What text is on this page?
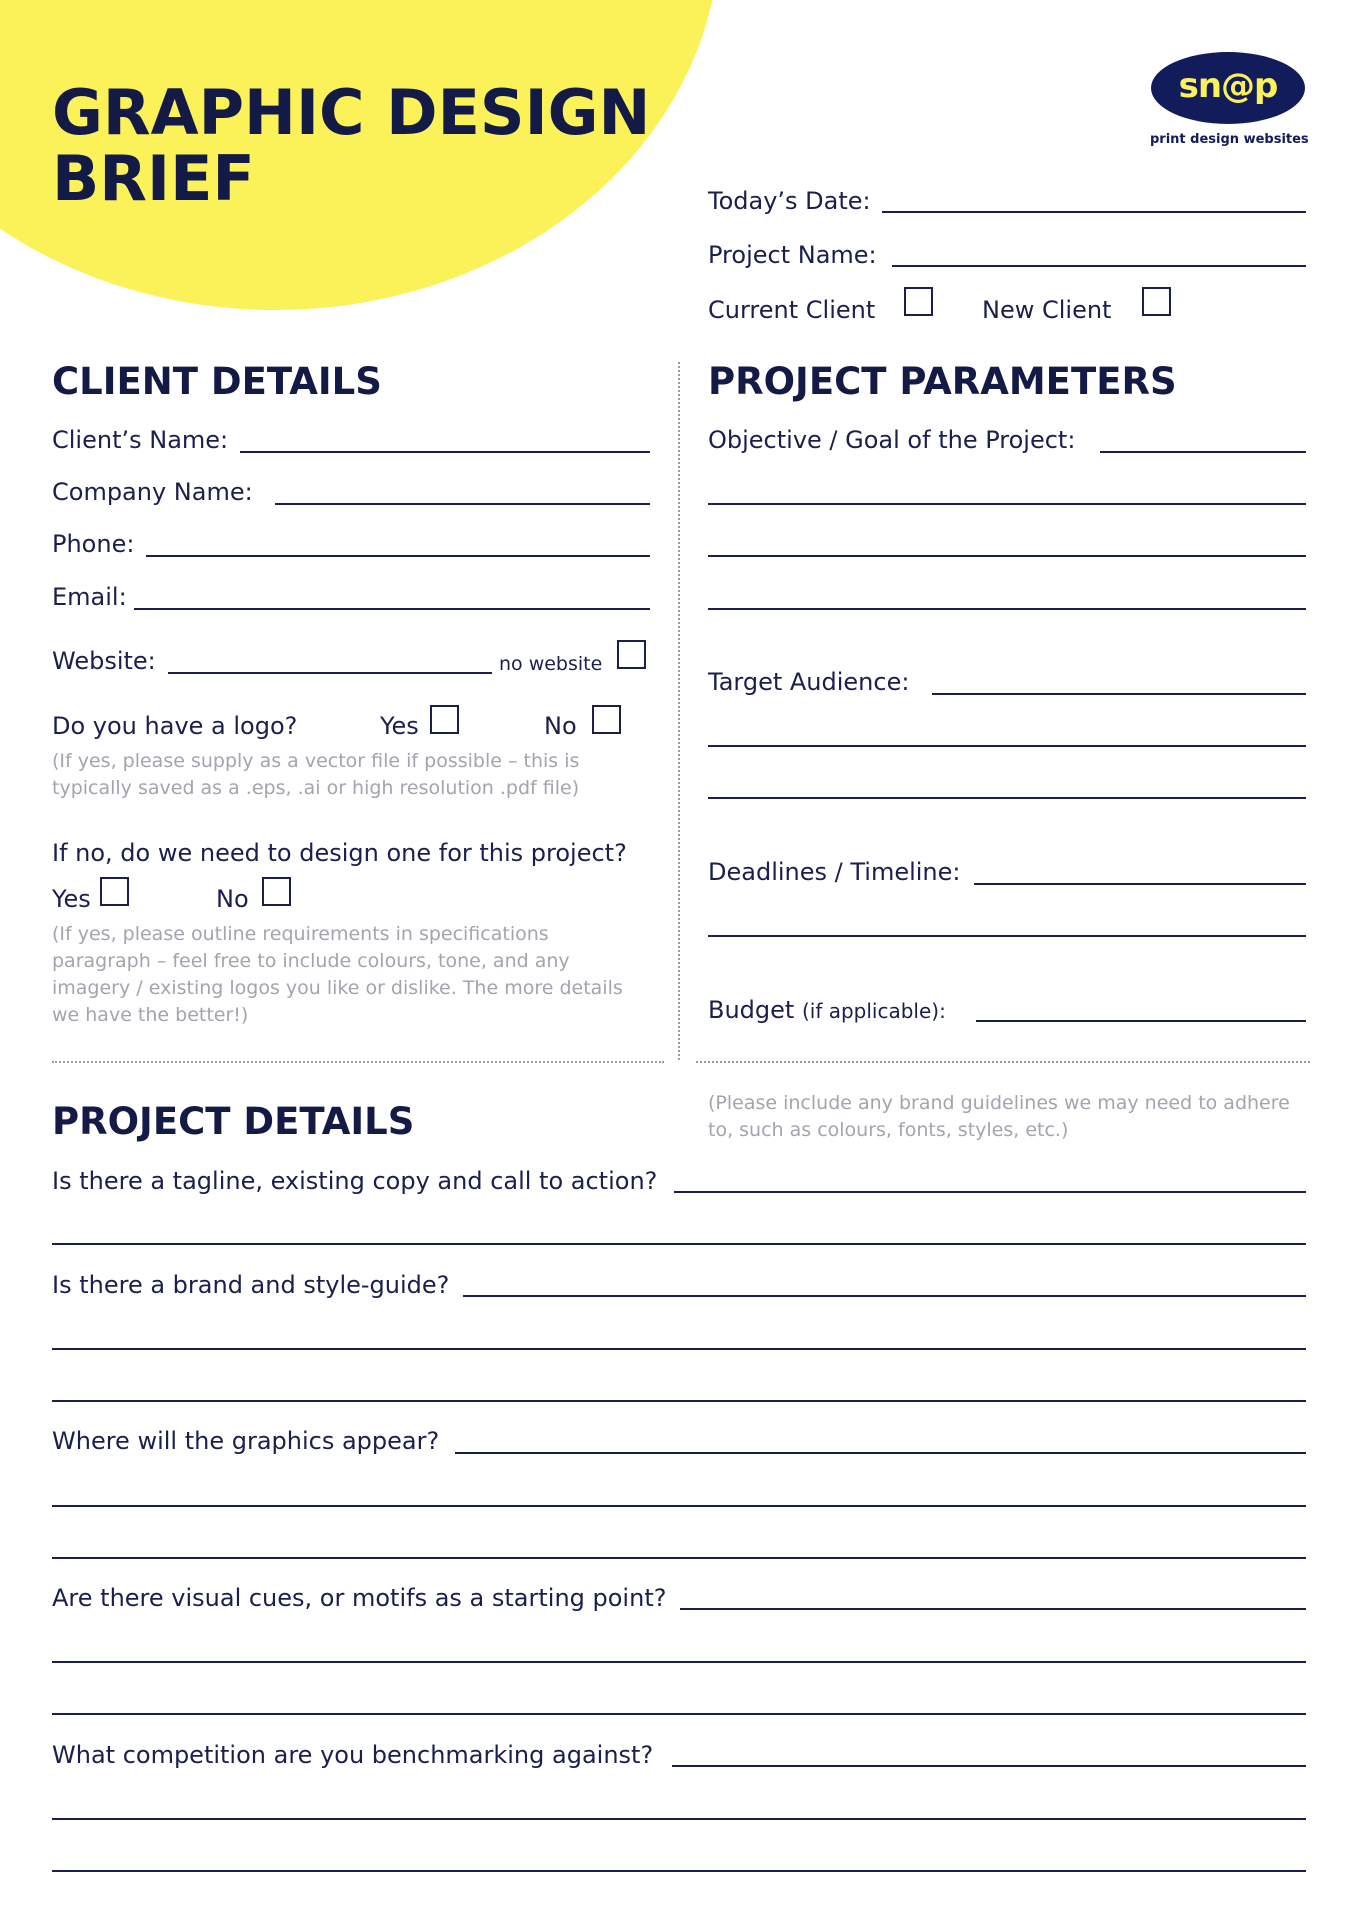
GRAPHIC DESIGN
BRIEF
sn@p
print design websites
Today’s Date:
Project Name:
Current Client	New Client
CLIENT DETAILS	PROJECT PARAMETERS
Client’s Name:
Company Name:
Phone:
Email:
Website:	no website
Do you have a logo?	Yes	No
(If yes, please supply as a vector file if possible – this is typically saved as a .eps, .ai or high resolution .pdf file)
If no, do we need to design one for this project?
Yes	No
(If yes, please outline requirements in specifications paragraph – feel free to include colours, tone, and any imagery / existing logos you like or dislike. The more details we have the better!)
Objective / Goal of the Project:
Target Audience:
Deadlines / Timeline:
Budget (if applicable):
PROJECT DETAILS	(Please include any brand guidelines we may need to adhere to, such as colours, fonts, styles, etc.)
Is there a tagline, existing copy and call to action?
Is there a brand and style-guide?
Where will the graphics appear?
Are there visual cues, or motifs as a starting point?
What competition are you benchmarking against?
